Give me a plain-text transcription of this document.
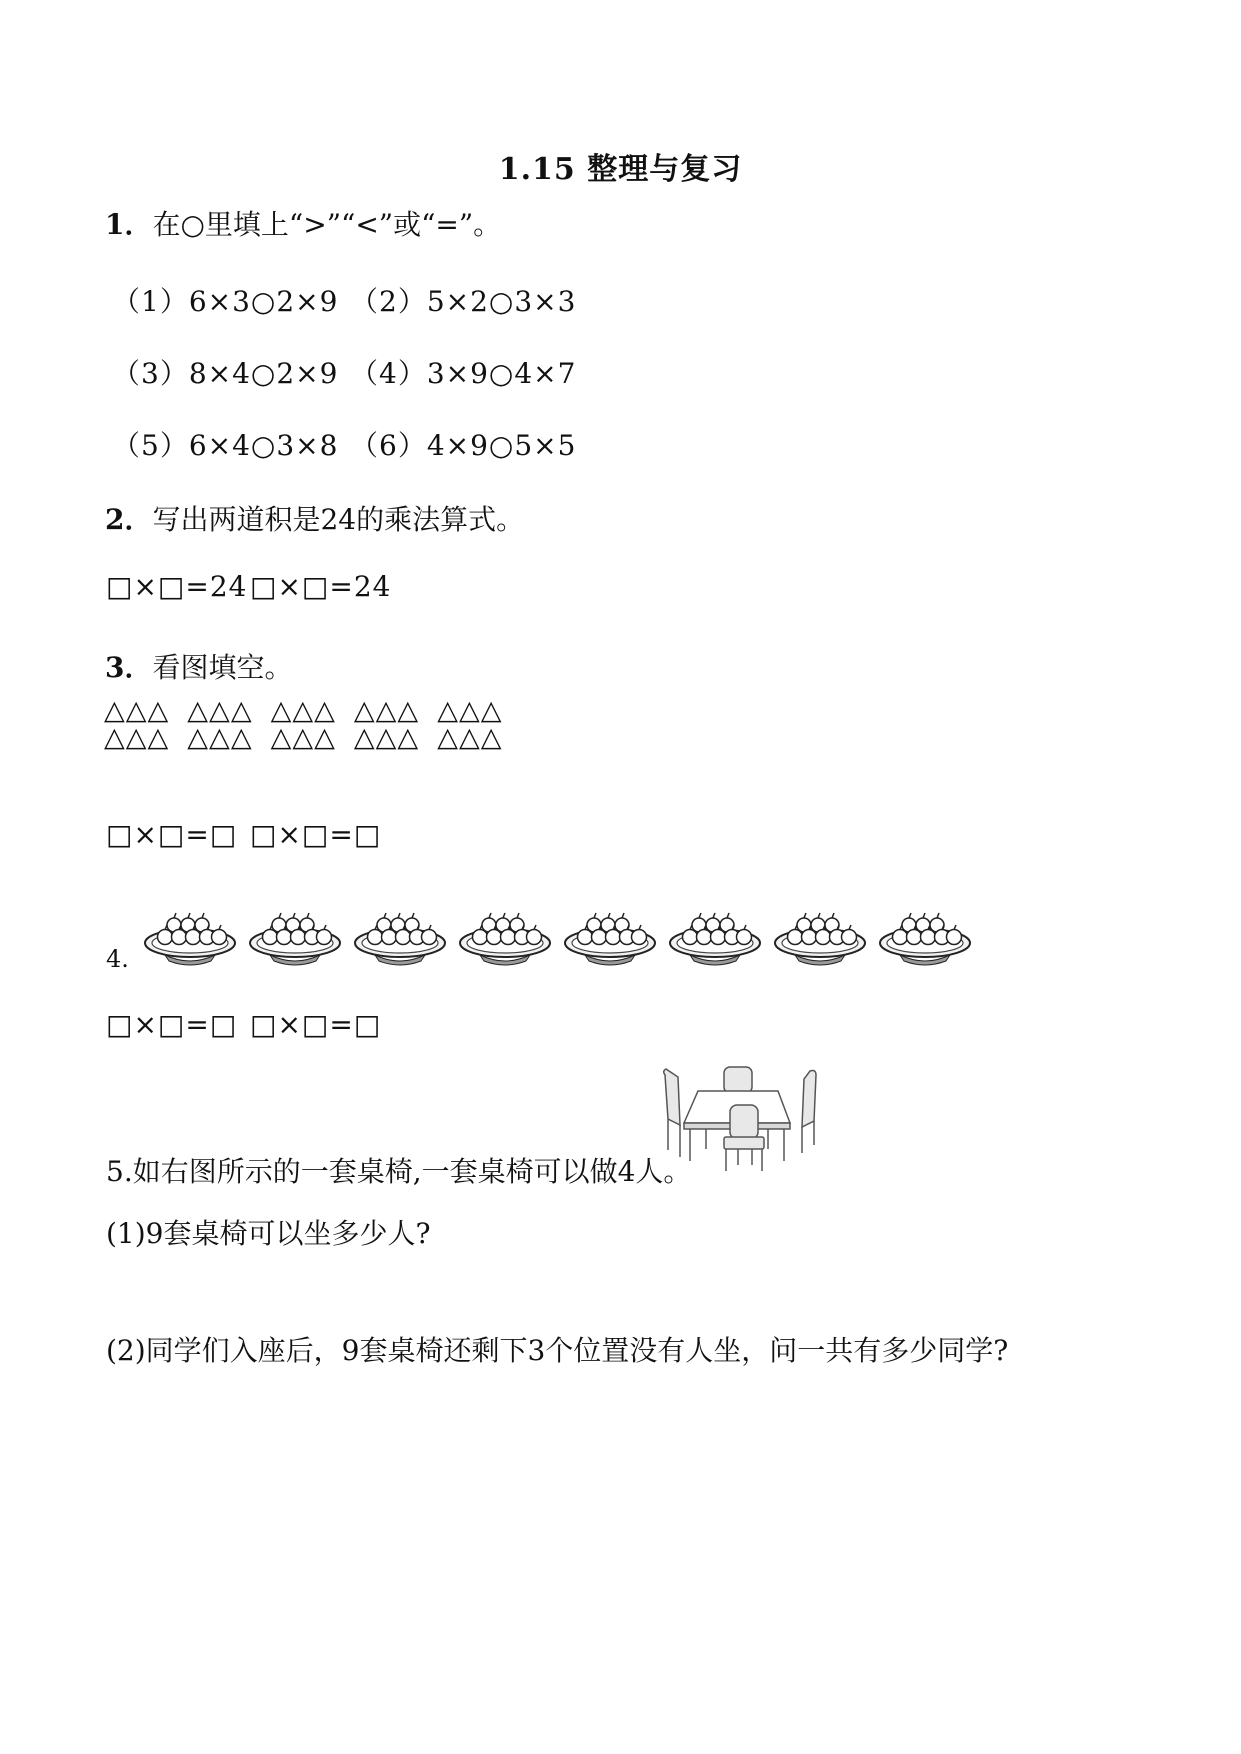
1.15 整理与复习
1．在○里填上“>”“<”或“=”。
（1）6×3○2×9 （2）5×2○3×3
（3）8×4○2×9 （4）3×9○4×7
（5）6×4○3×8 （6）4×9○5×5
2．写出两道积是24的乘法算式。
□×□=24 □×□=24
3．看图填空。
△△△ △△△ △△△ △△△ △△△
△△△ △△△ △△△ △△△ △△△
□×□=□ □×□=□
4.
□×□=□ □×□=□
5.如右图所示的一套桌椅,一套桌椅可以做4人。
(1)9套桌椅可以坐多少人?
(2)同学们入座后，9套桌椅还剩下3个位置没有人坐，问一共有多少同学?
